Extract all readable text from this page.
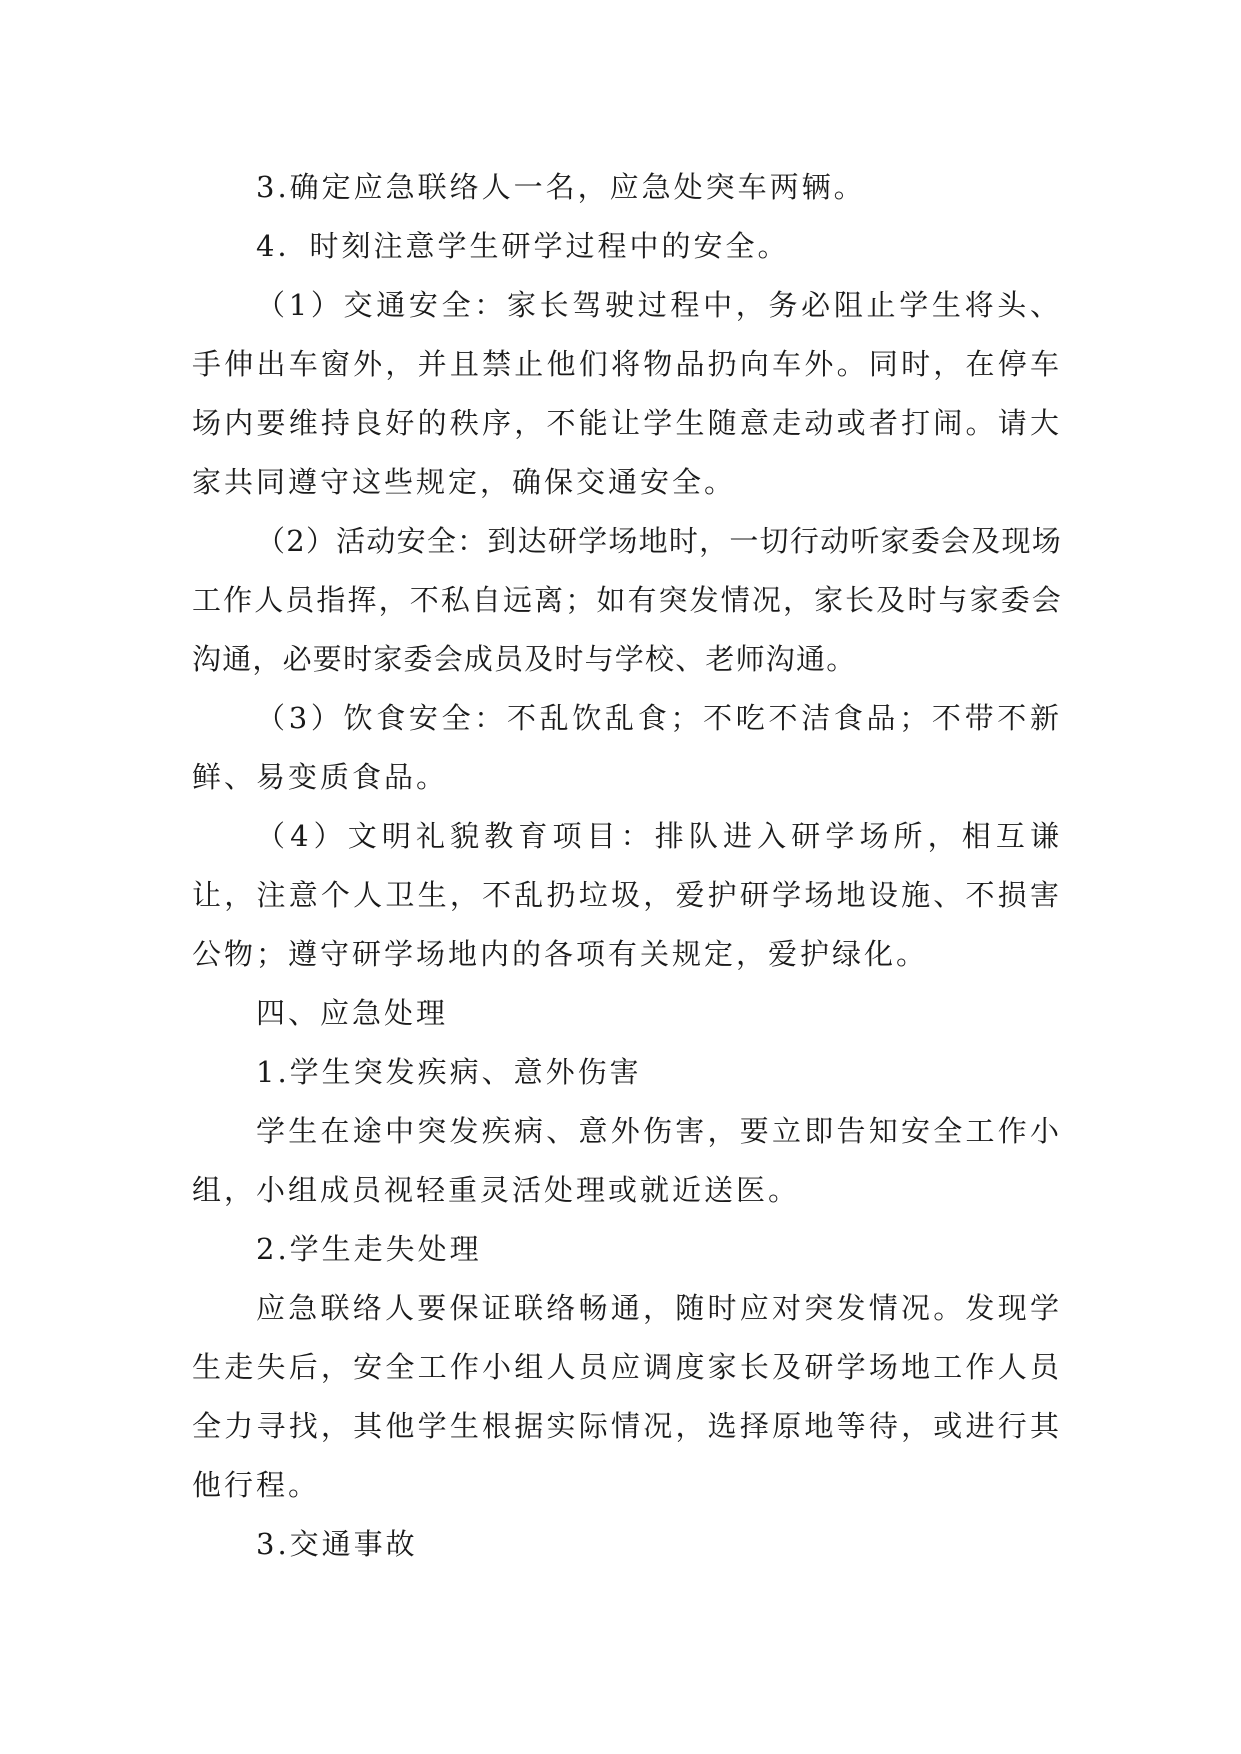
3.确定应急联络人一名，应急处突车两辆。

4．时刻注意学生研学过程中的安全。

（1）交通安全：家长驾驶过程中，务必阻止学生将头、手伸出车窗外，并且禁止他们将物品扔向车外。同时，在停车场内要维持良好的秩序，不能让学生随意走动或者打闹。请大家共同遵守这些规定，确保交通安全。

（2）活动安全：到达研学场地时，一切行动听家委会及现场工作人员指挥，不私自远离；如有突发情况，家长及时与家委会沟通，必要时家委会成员及时与学校、老师沟通。

（3）饮食安全：不乱饮乱食；不吃不洁食品；不带不新鲜、易变质食品。

（4）文明礼貌教育项目：排队进入研学场所，相互谦让，注意个人卫生，不乱扔垃圾，爱护研学场地设施、不损害公物；遵守研学场地内的各项有关规定，爱护绿化。

四、应急处理

1.学生突发疾病、意外伤害

学生在途中突发疾病、意外伤害，要立即告知安全工作小组，小组成员视轻重灵活处理或就近送医。

2.学生走失处理

应急联络人要保证联络畅通，随时应对突发情况。发现学生走失后，安全工作小组人员应调度家长及研学场地工作人员全力寻找，其他学生根据实际情况，选择原地等待，或进行其他行程。

3.交通事故
